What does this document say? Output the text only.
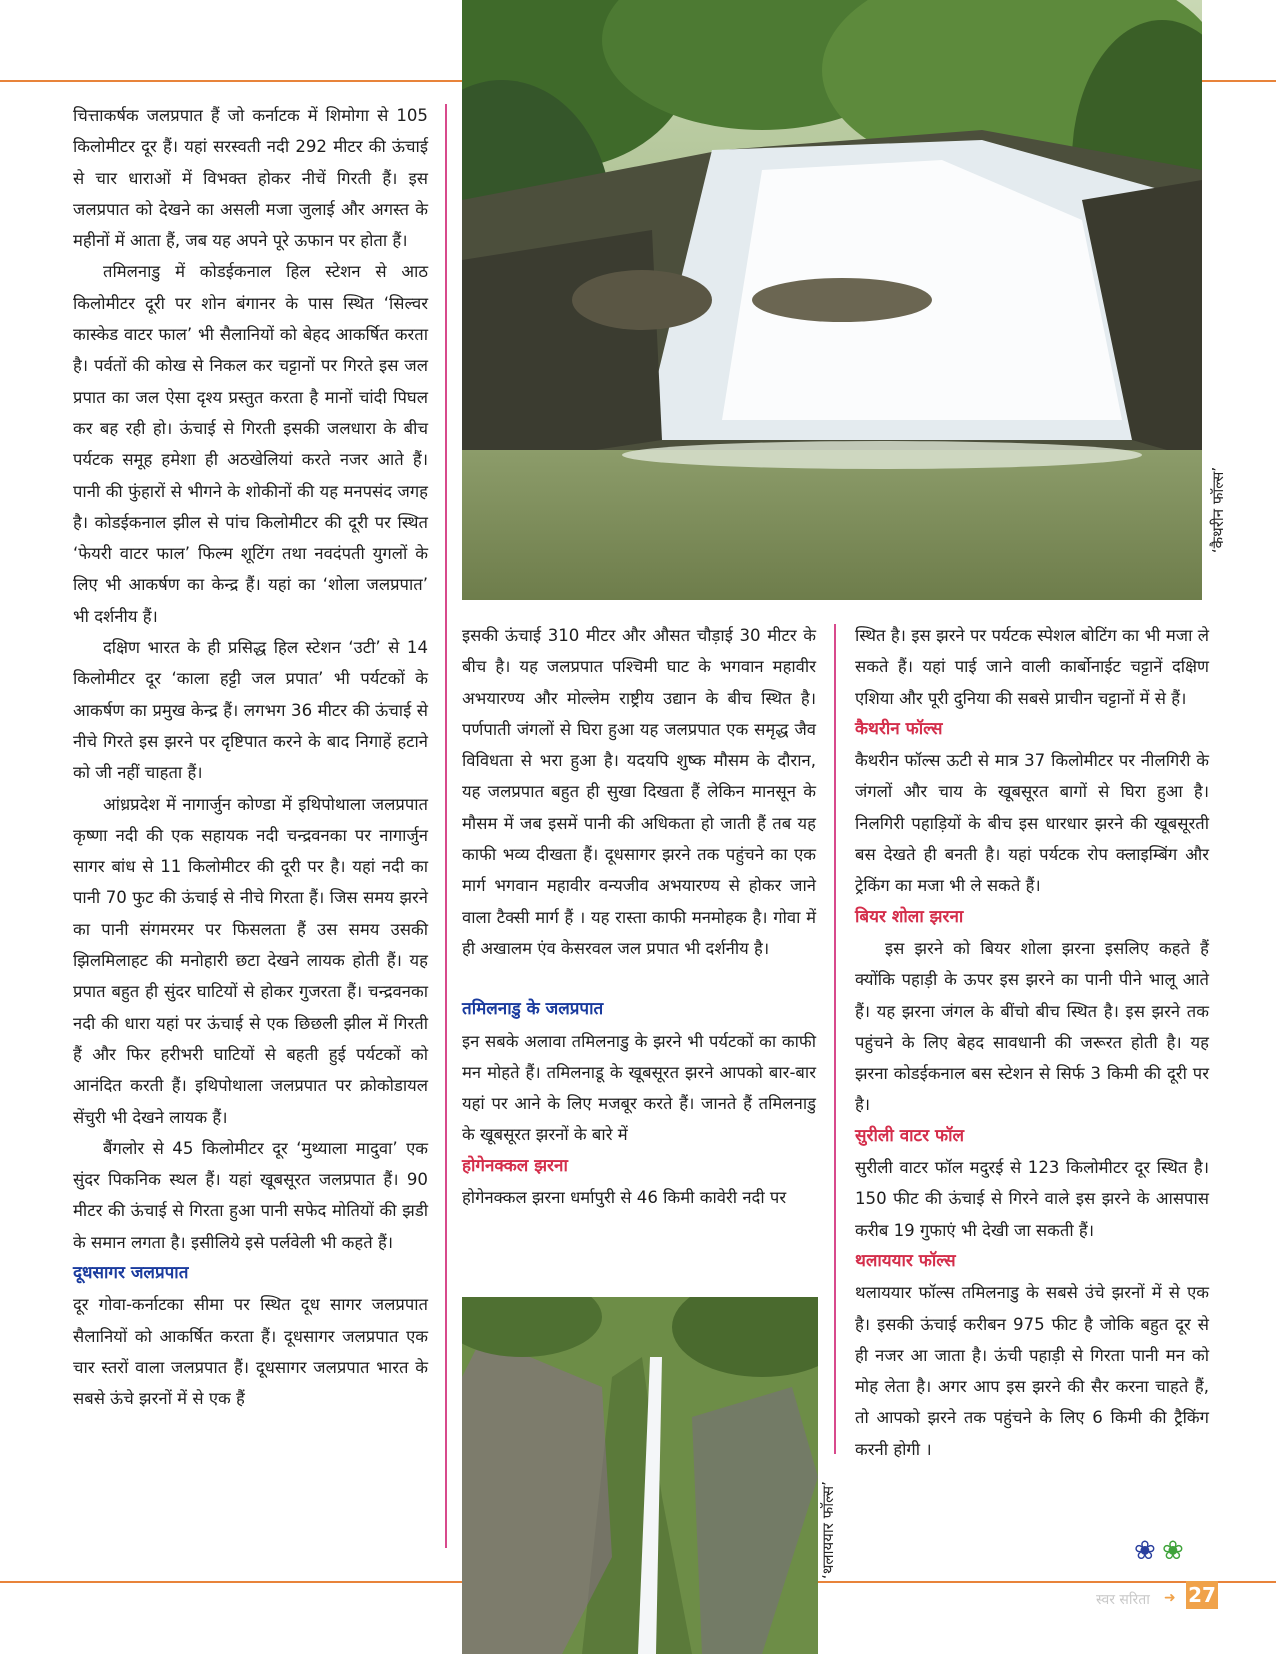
‘कैथरीन फॉल्स’
‘थलाययार फॉल्स’

चित्ताकर्षक जलप्रपात हैं जो कर्नाटक में शिमोगा से 105 किलोमीटर दूर हैं। यहां सरस्वती नदी 292 मीटर की ऊंचाई से चार धाराओं में विभक्त होकर नीचें गिरती हैं। इस जलप्रपात को देखने का असली मजा जुलाई और अगस्त के महीनों में आता हैं, जब यह अपने पूरे ऊफान पर होता हैं।

तमिलनाडु में कोडईकनाल हिल स्टेशन से आठ किलोमीटर दूरी पर शोन बंगानर के पास स्थित ‘सिल्वर कास्केड वाटर फाल’ भी सैलानियों को बेहद आकर्षित करता है। पर्वतों की कोख से निकल कर चट्टानों पर गिरते इस जल प्रपात का जल ऐसा दृश्य प्रस्तुत करता है मानों चांदी पिघल कर बह रही हो। ऊंचाई से गिरती इसकी जलधारा के बीच पर्यटक समूह हमेशा ही अठखेलियां करते नजर आते हैं। पानी की फुंहारों से भीगने के शोकीनों की यह मनपसंद जगह है। कोडईकनाल झील से पांच किलोमीटर की दूरी पर स्थित ‘फेयरी वाटर फाल’ फिल्म शूटिंग तथा नवदंपती युगलों के लिए भी आकर्षण का केन्द्र हैं। यहां का ‘शोला जलप्रपात’ भी दर्शनीय हैं।

दक्षिण भारत के ही प्रसिद्ध हिल स्टेशन ‘उटी’ से 14 किलोमीटर दूर ‘काला हट्टी जल प्रपात’ भी पर्यटकों के आकर्षण का प्रमुख केन्द्र हैं। लगभग 36 मीटर की ऊंचाई से नीचे गिरते इस झरने पर दृष्टिपात करने के बाद निगाहें हटाने को जी नहीं चाहता हैं।

आंध्रप्रदेश में नागार्जुन कोण्डा में इथिपोथाला जलप्रपात कृष्णा नदी की एक सहायक नदी चन्द्रवनका पर नागार्जुन सागर बांध से 11 किलोमीटर की दूरी पर है। यहां नदी का पानी 70 फुट की ऊंचाई से नीचे गिरता हैं। जिस समय झरने का पानी संगमरमर पर फिसलता हैं उस समय उसकी झिलमिलाहट की मनोहारी छटा देखने लायक होती हैं। यह प्रपात बहुत ही सुंदर घाटियों से होकर गुजरता हैं। चन्द्रवनका नदी की धारा यहां पर ऊंचाई से एक छिछली झील में गिरती हैं और फिर हरीभरी घाटियों से बहती हुई पर्यटकों को आनंदित करती हैं। इथिपोथाला जलप्रपात पर क्रोकोडायल सेंचुरी भी देखने लायक हैं।

बैंगलोर से 45 किलोमीटर दूर ‘मुथ्याला मादुवा’ एक सुंदर पिकनिक स्थल हैं। यहां खूबसूरत जलप्रपात हैं। 90 मीटर की ऊंचाई से गिरता हुआ पानी सफेद मोतियों की झडी के समान लगता है। इसीलिये इसे पर्लवेली भी कहते हैं।

दूधसागर जलप्रपात

दूर गोवा-कर्नाटका सीमा पर स्थित दूध सागर जलप्रपात सैलानियों को आकर्षित करता हैं। दूधसागर जलप्रपात एक चार स्तरों वाला जलप्रपात हैं। दूधसागर जलप्रपात भारत के सबसे ऊंचे झरनों में से एक हैं

इसकी ऊंचाई 310 मीटर और औसत चौड़ाई 30 मीटर के बीच है। यह जलप्रपात पश्चिमी घाट के भगवान महावीर अभयारण्य और मोल्लेम राष्ट्रीय उद्यान के बीच स्थित है। पर्णपाती जंगलों से घिरा हुआ यह जलप्रपात एक समृद्ध जैव विविधता से भरा हुआ है। यदयपि शुष्क मौसम के दौरान, यह जलप्रपात बहुत ही सुखा दिखता हैं लेकिन मानसून के मौसम में जब इसमें पानी की अधिकता हो जाती हैं तब यह काफी भव्य दीखता हैं। दूधसागर झरने तक पहुंचने का एक मार्ग भगवान महावीर वन्यजीव अभयारण्य से होकर जाने वाला टैक्सी मार्ग हैं । यह रास्ता काफी मनमोहक है। गोवा में ही अखालम एंव केसरवल जल प्रपात भी दर्शनीय है।

तमिलनाडु के जलप्रपात

इन सबके अलावा तमिलनाडु के झरने भी पर्यटकों का काफी मन मोहते हैं। तमिलनाडू के खूबसूरत झरने आपको बार-बार यहां पर आने के लिए मजबूर करते हैं। जानते हैं तमिलनाडु के खूबसूरत झरनों के बारे में

होगेनक्कल झरना

होगेनक्कल झरना धर्मापुरी से 46 किमी कावेरी नदी पर

स्थित है। इस झरने पर पर्यटक स्पेशल बोटिंग का भी मजा ले सकते हैं। यहां पाई जाने वाली कार्बोनाईट चट्टानें दक्षिण एशिया और पूरी दुनिया की सबसे प्राचीन चट्टानों में से हैं।

कैथरीन फॉल्स

कैथरीन फॉल्स ऊटी से मात्र 37 किलोमीटर पर नीलगिरी के जंगलों और चाय के खूबसूरत बागों से घिरा हुआ है। निलगिरी पहाड़ियों के बीच इस धारधार झरने की खूबसूरती बस देखते ही बनती है। यहां पर्यटक रोप क्लाइम्बिंग और ट्रेकिंग का मजा भी ले सकते हैं।

बियर शोला झरना

इस झरने को बियर शोला झरना इसलिए कहते हैं क्योंकि पहाड़ी के ऊपर इस झरने का पानी पीने भालू आते हैं। यह झरना जंगल के बींचो बीच स्थित है। इस झरने तक पहुंचने के लिए बेहद सावधानी की जरूरत होती है। यह झरना कोडईकनाल बस स्टेशन से सिर्फ 3 किमी की दूरी पर है।

सुरीली वाटर फॉल

सुरीली वाटर फॉल मदुरई से 123 किलोमीटर दूर स्थित है। 150 फीट की ऊंचाई से गिरने वाले इस झरने के आसपास करीब 19 गुफाएं भी देखी जा सकती हैं।

थलाययार फॉल्स

थलाययार फॉल्स तमिलनाडु के सबसे उंचे झरनों में से एक है। इसकी ऊंचाई करीबन 975 फीट है जोकि बहुत दूर से ही नजर आ जाता है। ऊंची पहाड़ी से गिरता पानी मन को मोह लेता है। अगर आप इस झरने की सैर करना चाहते हैं, तो आपको झरने तक पहुंचने के लिए 6 किमी की ट्रैकिंग करनी होगी ।

❀ ❀
स्वर सरिता ➜ 27
